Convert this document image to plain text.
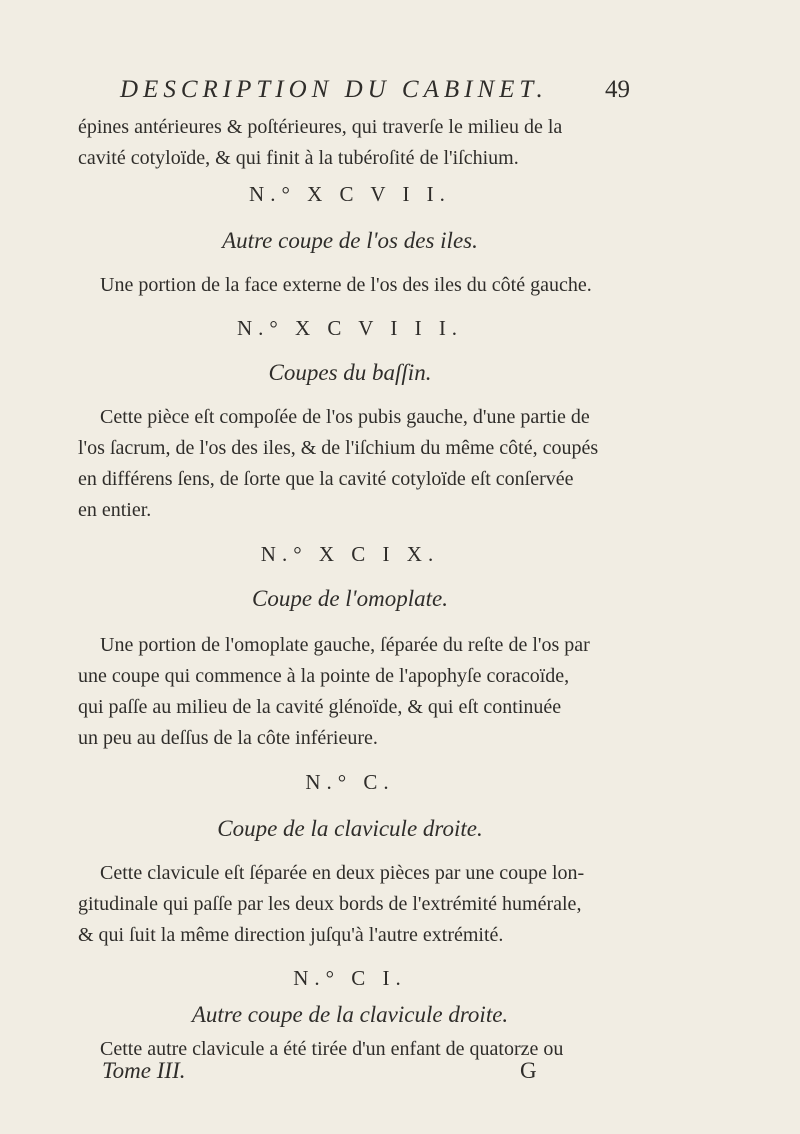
DESCRIPTION DU CABINET. 49
épines antérieures & poſtérieures, qui traverſe le milieu de la
cavité cotyloïde, & qui finit à la tubéroſité de l'iſchium.

N.° X C V I I.

Autre coupe de l'os des iles.

Une portion de la face externe de l'os des iles du côté gauche.

N.° X C V I I I.

Coupes du baſſin.

Cette pièce eſt compoſée de l'os pubis gauche, d'une partie de
l'os ſacrum, de l'os des iles, & de l'iſchium du même côté, coupés
en différens ſens, de ſorte que la cavité cotyloïde eſt conſervée
en entier.

N.° X C I X.

Coupe de l'omoplate.

Une portion de l'omoplate gauche, ſéparée du reſte de l'os par
une coupe qui commence à la pointe de l'apophyſe coracoïde,
qui paſſe au milieu de la cavité glénoïde, & qui eſt continuée
un peu au deſſus de la côte inférieure.

N.° C.

Coupe de la clavicule droite.

Cette clavicule eſt ſéparée en deux pièces par une coupe lon-
gitudinale qui paſſe par les deux bords de l'extrémité humérale,
& qui ſuit la même direction juſqu'à l'autre extrémité.

N.° C I.

Autre coupe de la clavicule droite.

Cette autre clavicule a été tirée d'un enfant de quatorze ou

Tome III.	G
